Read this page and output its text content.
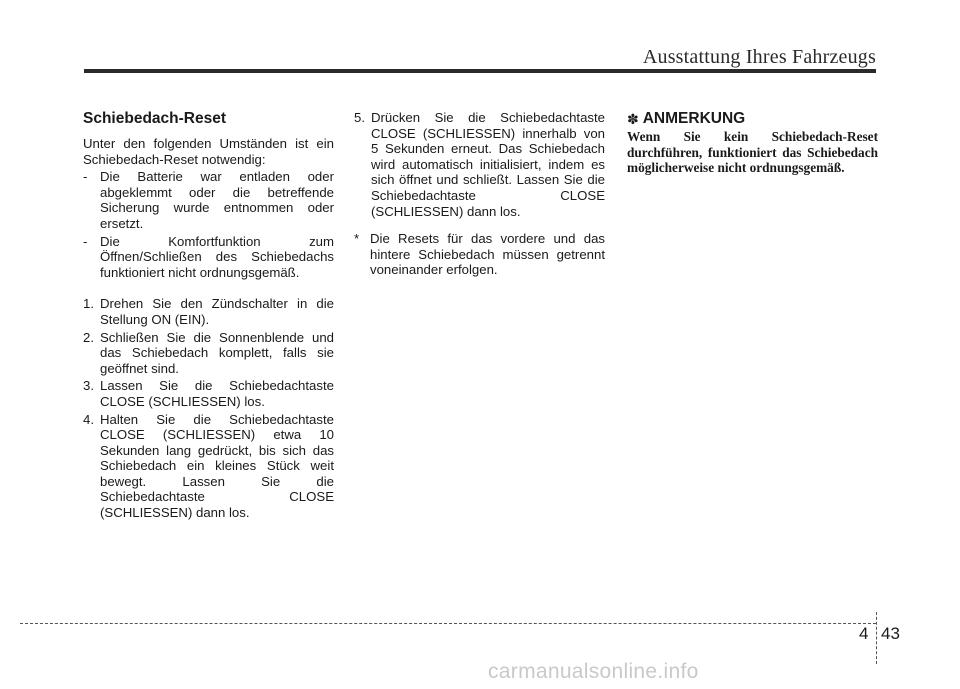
Ausstattung Ihres Fahrzeugs
Schiebedach-Reset

Unter den folgenden Umständen ist ein Schiebedach-Reset notwendig:

- Die Batterie war entladen oder abgeklemmt oder die betreffende Sicherung wurde entnommen oder ersetzt.
- Die Komfortfunktion zum Öffnen/Schließen des Schiebedachs funktioniert nicht ordnungsgemäß.
1. Drehen Sie den Zündschalter in die Stellung ON (EIN).
2. Schließen Sie die Sonnenblende und das Schiebedach komplett, falls sie geöffnet sind.
3. Lassen Sie die Schiebedachtaste CLOSE (SCHLIESSEN) los.
4. Halten Sie die Schiebedachtaste CLOSE (SCHLIESSEN) etwa 10 Sekunden lang gedrückt, bis sich das Schiebedach ein kleines Stück weit bewegt. Lassen Sie die Schiebedachtaste CLOSE (SCHLIESSEN) dann los.
5. Drücken Sie die Schiebedachtaste CLOSE (SCHLIESSEN) innerhalb von 5 Sekunden erneut. Das Schiebedach wird automatisch initialisiert, indem es sich öffnet und schließt. Lassen Sie die Schiebedachtaste CLOSE (SCHLIESSEN) dann los.
* Die Resets für das vordere und das hintere Schiebedach müssen getrennt voneinander erfolgen.
✽ ANMERKUNG
Wenn Sie kein Schiebedach-Reset durchführen, funktioniert das Schiebedach möglicherweise nicht ordnungsgemäß.
4 43
carmanualsonline.info
